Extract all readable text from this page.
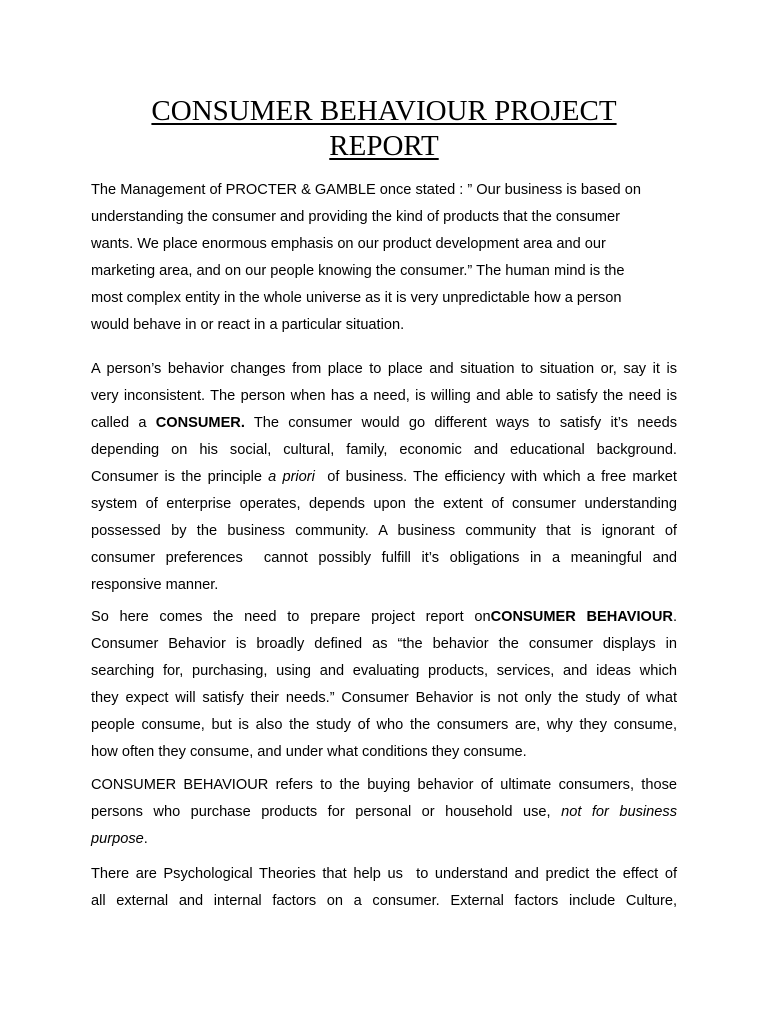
CONSUMER BEHAVIOUR PROJECT
REPORT
The Management of PROCTER & GAMBLE once stated : ” Our business is based on
understanding the consumer and providing the kind of products that the consumer
wants. We place enormous emphasis on our product development area and our
marketing area, and on our people knowing the consumer.” The human mind is the
most complex entity in the whole universe as it is very unpredictable how a person
would behave in or react in a particular situation.
A person’s behavior changes from place to place and situation to situation or, say it is
very inconsistent. The person when has a need, is willing and able to satisfy the need is
called a CONSUMER. The consumer would go different ways to satisfy it’s needs
depending on his social, cultural, family, economic and educational background.
Consumer is the principle a priori  of business. The efficiency with which a free market
system of enterprise operates, depends upon the extent of consumer understanding
possessed by the business community. A business community that is ignorant of
consumer preferences  cannot possibly fulfill it’s obligations in a meaningful and
responsive manner.
So here comes the need to prepare project report onCONSUMER BEHAVIOUR.
Consumer Behavior is broadly defined as “the behavior the consumer displays in
searching for, purchasing, using and evaluating products, services, and ideas which
they expect will satisfy their needs.” Consumer Behavior is not only the study of what
people consume, but is also the study of who the consumers are, why they consume,
how often they consume, and under what conditions they consume.
CONSUMER BEHAVIOUR refers to the buying behavior of ultimate consumers, those
persons who purchase products for personal or household use, not for business
purpose.
There are Psychological Theories that help us  to understand and predict the effect of
all external and internal factors on a consumer. External factors include Culture,
